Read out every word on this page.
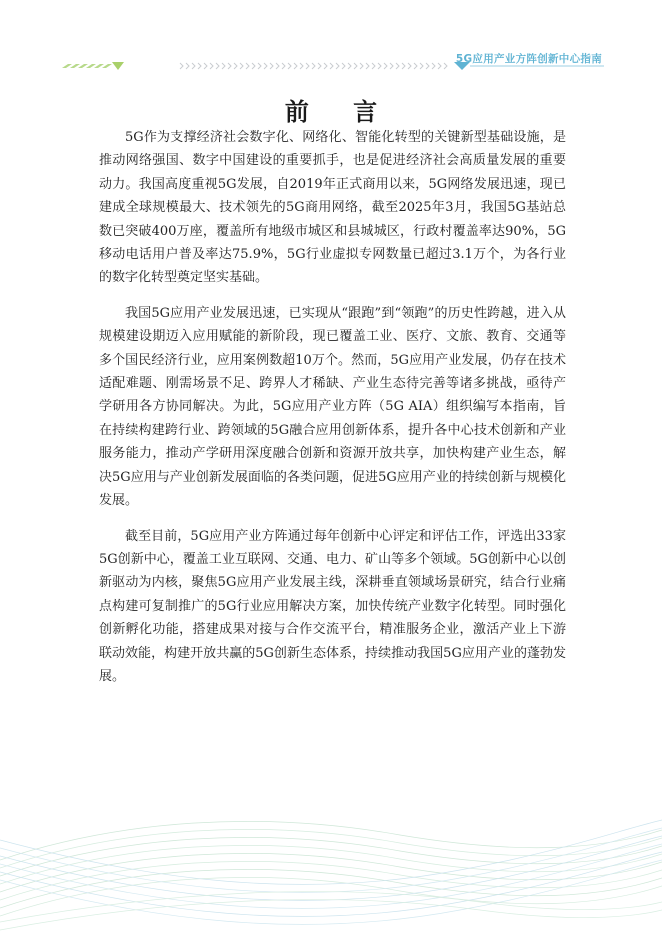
5G应用产业方阵创新中心指南
前 言

5G作为支撑经济社会数字化、网络化、智能化转型的关键新型基础设施，是推动网络强国、数字中国建设的重要抓手，也是促进经济社会高质量发展的重要动力。我国高度重视5G发展，自2019年正式商用以来，5G网络发展迅速，现已建成全球规模最大、技术领先的5G商用网络，截至2025年3月，我国5G基站总数已突破400万座，覆盖所有地级市城区和县城城区，行政村覆盖率达90%，5G移动电话用户普及率达75.9%，5G行业虚拟专网数量已超过3.1万个，为各行业的数字化转型奠定坚实基础。

我国5G应用产业发展迅速，已实现从“跟跑”到“领跑”的历史性跨越，进入从规模建设期迈入应用赋能的新阶段，现已覆盖工业、医疗、文旅、教育、交通等多个国民经济行业，应用案例数超10万个。然而，5G应用产业发展，仍存在技术适配难题、刚需场景不足、跨界人才稀缺、产业生态待完善等诸多挑战，亟待产学研用各方协同解决。为此，5G应用产业方阵（5G AIA）组织编写本指南，旨在持续构建跨行业、跨领域的5G融合应用创新体系，提升各中心技术创新和产业服务能力，推动产学研用深度融合创新和资源开放共享，加快构建产业生态，解决5G应用与产业创新发展面临的各类问题，促进5G应用产业的持续创新与规模化发展。

截至目前，5G应用产业方阵通过每年创新中心评定和评估工作，评选出33家5G创新中心，覆盖工业互联网、交通、电力、矿山等多个领域。5G创新中心以创新驱动为内核，聚焦5G应用产业发展主线，深耕垂直领域场景研究，结合行业痛点构建可复制推广的5G行业应用解决方案，加快传统产业数字化转型。同时强化创新孵化功能，搭建成果对接与合作交流平台，精准服务企业，激活产业上下游联动效能，构建开放共赢的5G创新生态体系，持续推动我国5G应用产业的蓬勃发展。
